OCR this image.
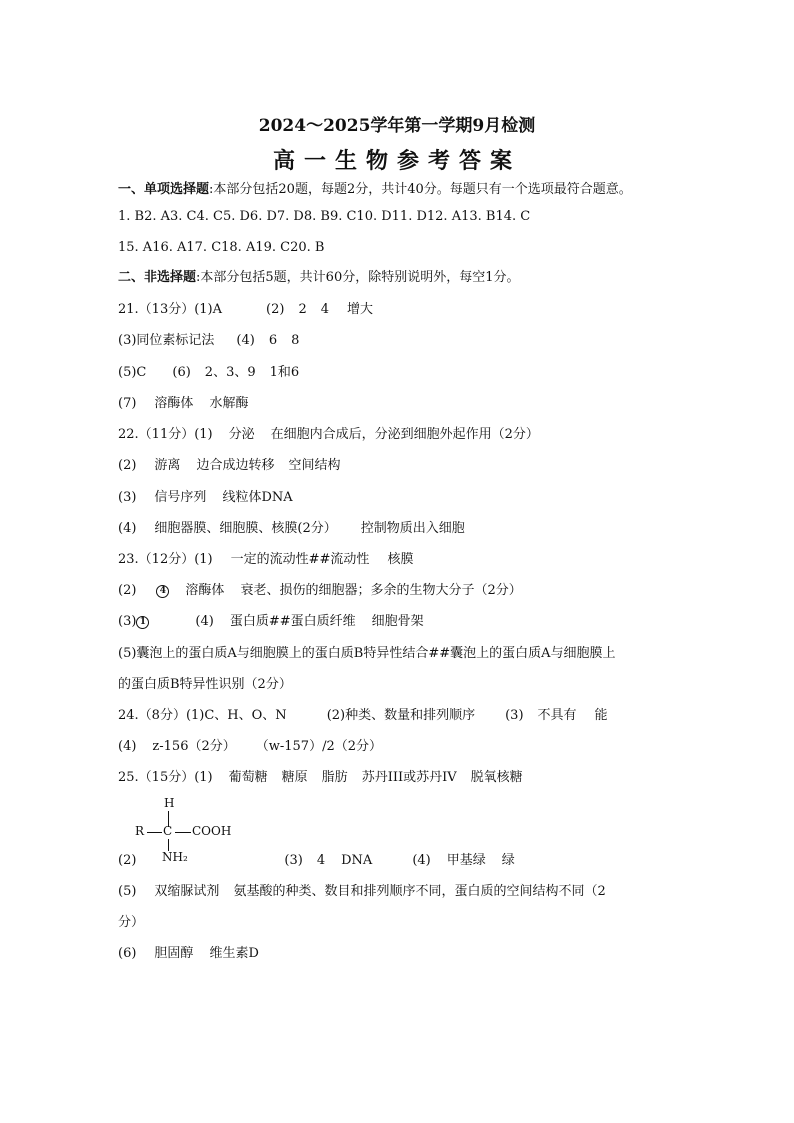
2024～2025学年第一学期9月检测
高一生物参考答案
一、单项选择题:本部分包括20题，每题2分，共计40分。每题只有一个选项最符合题意。
1. B2. A3. C4. C5. D6. D7. D8. B9. C10. D11. D12. A13. B14. C
15. A16. A17. C18. A19. C20. B
二、非选择题:本部分包括5题，共计60分，除特别说明外，每空1分。
21.（13分）(1)A	(2) 2 4 增大
(3)同位素标记法 (4) 6 8
(5)C (6) 2、3、9 1和6
(7) 溶酶体 水解酶
22.（11分）(1) 分泌 在细胞内合成后，分泌到细胞外起作用（2分）
(2) 游离 边合成边转移 空间结构
(3) 信号序列 线粒体DNA
(4) 细胞器膜、细胞膜、核膜(2分） 控制物质出入细胞
23.（12分）(1) 一定的流动性##流动性 核膜
(2)	4 溶酶体 衰老、损伤的细胞器；多余的生物大分子（2分）
(3) 1	(4) 蛋白质##蛋白质纤维 细胞骨架
(5)囊泡上的蛋白质A与细胞膜上的蛋白质B特异性结合##囊泡上的蛋白质A与细胞膜上
的蛋白质B特异性识别（2分）
24.（8分）(1)C、H、O、N	(2)种类、数量和排列顺序 (3) 不具有 能
(4) z-156（2分） （w-157）/2（2分）
25.（15分）(1) 葡萄糖 糖原 脂肪 苏丹III或苏丹IV 脱氧核糖
H
R C COOH
NH₂
(2)	(3) 4 DNA	(4) 甲基绿 绿
(5) 双缩脲试剂 氨基酸的种类、数目和排列顺序不同，蛋白质的空间结构不同（2
分）
(6) 胆固醇 维生素D
